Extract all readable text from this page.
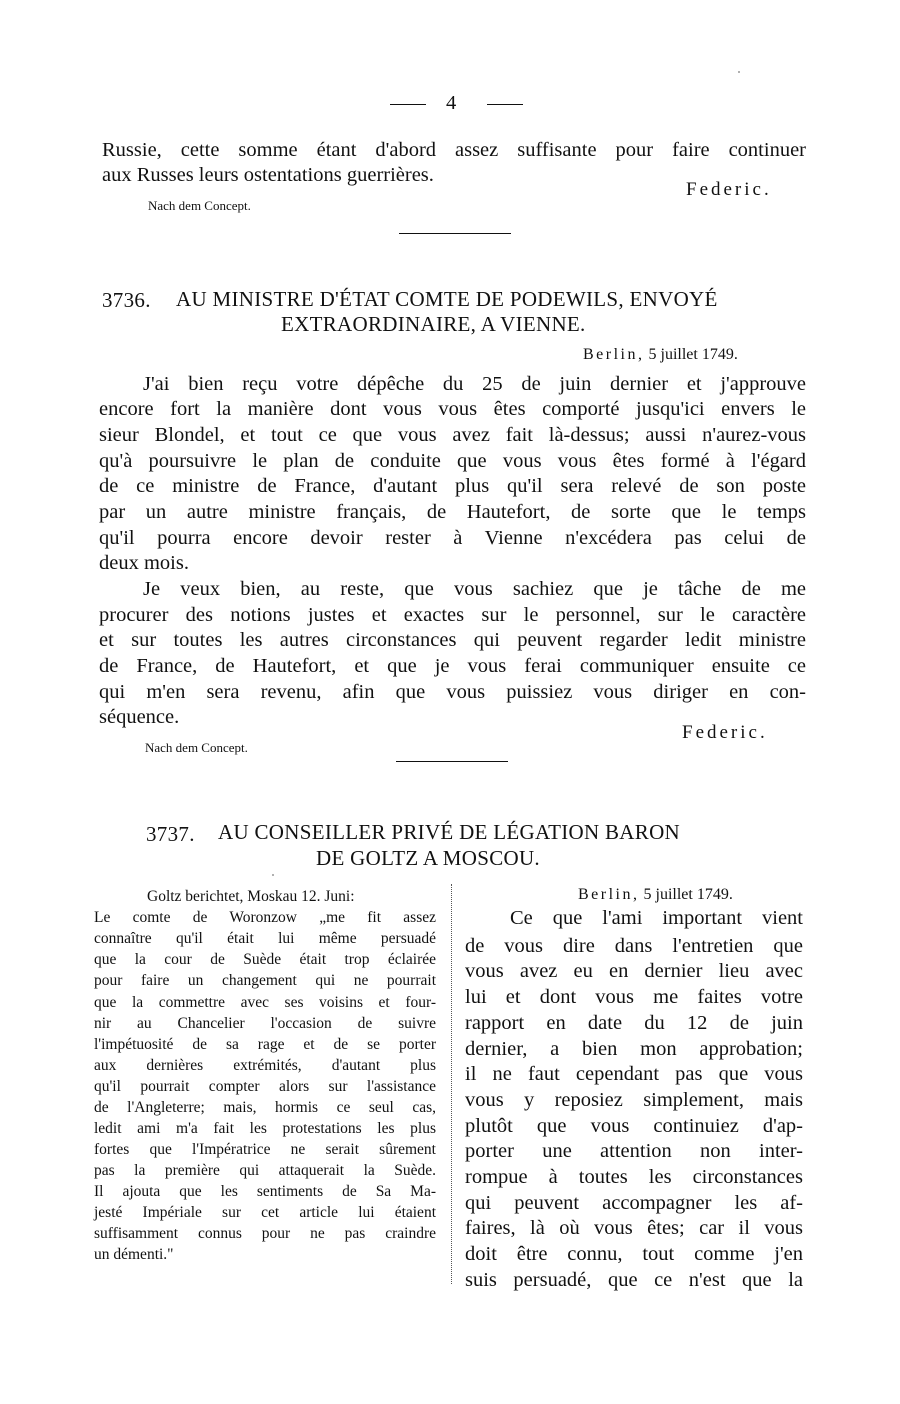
4
Russie, cette somme étant d'abord assez suffisante pour faire continuer
aux Russes leurs ostentations guerrières.
Federic.
Nach dem Concept.
3736. AU MINISTRE D'ÉTAT COMTE DE PODEWILS, ENVOYÉ
EXTRAORDINAIRE, A VIENNE.
Berlin, 5 juillet 1749.
J'ai bien reçu votre dépêche du 25 de juin dernier et j'approuve
encore fort la manière dont vous vous êtes comporté jusqu'ici envers le
sieur Blondel, et tout ce que vous avez fait là-dessus; aussi n'aurez-vous
qu'à poursuivre le plan de conduite que vous vous êtes formé à l'égard
de ce ministre de France, d'autant plus qu'il sera relevé de son poste
par un autre ministre français, de Hautefort, de sorte que le temps
qu'il pourra encore devoir rester à Vienne n'excédera pas celui de
deux mois.
Je veux bien, au reste, que vous sachiez que je tâche de me
procurer des notions justes et exactes sur le personnel, sur le caractère
et sur toutes les autres circonstances qui peuvent regarder ledit ministre
de France, de Hautefort, et que je vous ferai communiquer ensuite ce
qui m'en sera revenu, afin que vous puissiez vous diriger en con-
séquence.
Federic.
Nach dem Concept.
3737. AU CONSEILLER PRIVÉ DE LÉGATION BARON
DE GOLTZ A MOSCOU.
Goltz berichtet, Moskau 12. Juni:
Le comte de Woronzow „me fit assez
connaître qu'il était lui même persuadé
que la cour de Suède était trop éclairée
pour faire un changement qui ne pourrait
que la commettre avec ses voisins et four-
nir au Chancelier l'occasion de suivre
l'impétuosité de sa rage et de se porter
aux dernières extrémités, d'autant plus
qu'il pourrait compter alors sur l'assistance
de l'Angleterre; mais, hormis ce seul cas,
ledit ami m'a fait les protestations les plus
fortes que l'Impératrice ne serait sûrement
pas la première qui attaquerait la Suède.
Il ajouta que les sentiments de Sa Ma-
jesté Impériale sur cet article lui étaient
suffisamment connus pour ne pas craindre
un démenti."
Berlin, 5 juillet 1749.
Ce que l'ami important vient
de vous dire dans l'entretien que
vous avez eu en dernier lieu avec
lui et dont vous me faites votre
rapport en date du 12 de juin
dernier, a bien mon approbation;
il ne faut cependant pas que vous
vous y reposiez simplement, mais
plutôt que vous continuiez d'ap-
porter une attention non inter-
rompue à toutes les circonstances
qui peuvent accompagner les af-
faires, là où vous êtes; car il vous
doit être connu, tout comme j'en
suis persuadé, que ce n'est que la
